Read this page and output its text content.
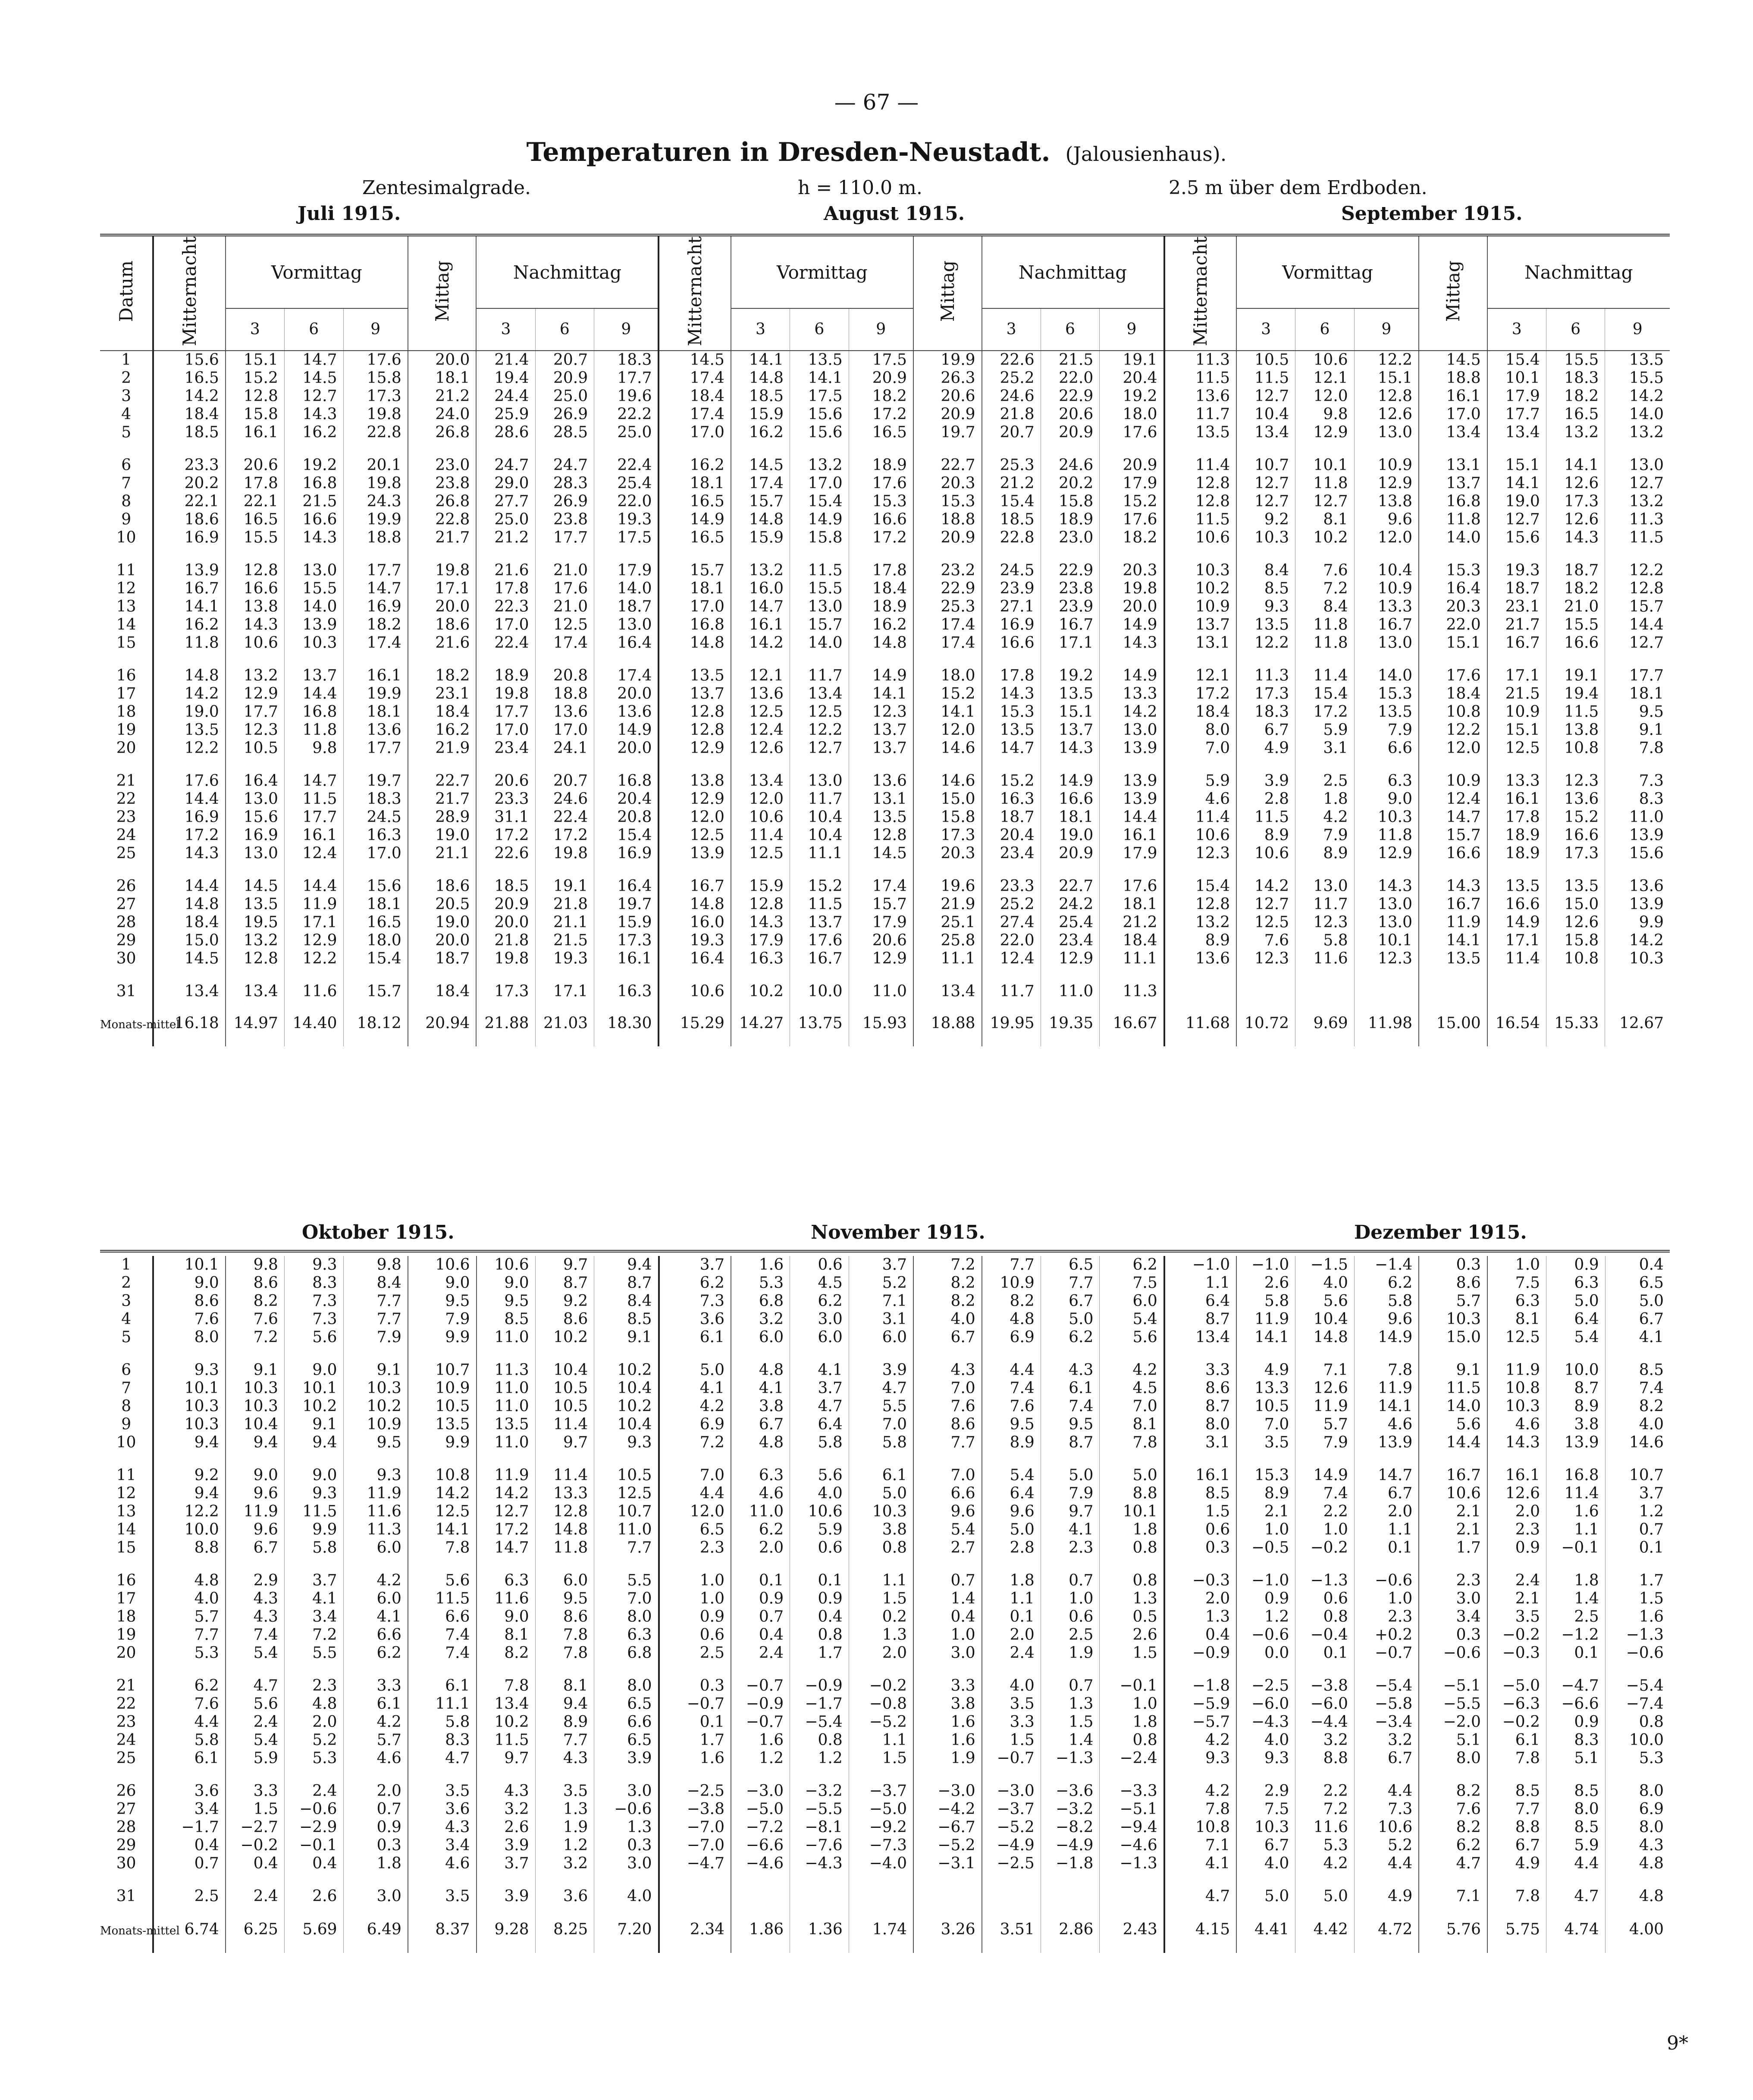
— 67 —
Temperaturen in Dresden-Neustadt. (Jalousienhaus).
Zentesimalgrade.	h = 110.0 m.	2.5 m über dem Erdboden.
Juli 1915.	August 1915.	September 1915.
Datum	Mitternacht	Vormittag			Mittag	Nachmittag			Mitternacht	Vormittag			Mittag	Nachmittag			Mitternacht	Vormittag			Mittag	Nachmittag		
		3	6	9		3	6	9		3	6	9		3	6	9		3	6	9		3	6	9
1	15.6	15.1	14.7	17.6	20.0	21.4	20.7	18.3	14.5	14.1	13.5	17.5	19.9	22.6	21.5	19.1	11.3	10.5	10.6	12.2	14.5	15.4	15.5	13.5
2	16.5	15.2	14.5	15.8	18.1	19.4	20.9	17.7	17.4	14.8	14.1	20.9	26.3	25.2	22.0	20.4	11.5	11.5	12.1	15.1	18.8	10.1	18.3	15.5
3	14.2	12.8	12.7	17.3	21.2	24.4	25.0	19.6	18.4	18.5	17.5	18.2	20.6	24.6	22.9	19.2	13.6	12.7	12.0	12.8	16.1	17.9	18.2	14.2
4	18.4	15.8	14.3	19.8	24.0	25.9	26.9	22.2	17.4	15.9	15.6	17.2	20.9	21.8	20.6	18.0	11.7	10.4	9.8	12.6	17.0	17.7	16.5	14.0
5	18.5	16.1	16.2	22.8	26.8	28.6	28.5	25.0	17.0	16.2	15.6	16.5	19.7	20.7	20.9	17.6	13.5	13.4	12.9	13.0	13.4	13.4	13.2	13.2

6	23.3	20.6	19.2	20.1	23.0	24.7	24.7	22.4	16.2	14.5	13.2	18.9	22.7	25.3	24.6	20.9	11.4	10.7	10.1	10.9	13.1	15.1	14.1	13.0
7	20.2	17.8	16.8	19.8	23.8	29.0	28.3	25.4	18.1	17.4	17.0	17.6	20.3	21.2	20.2	17.9	12.8	12.7	11.8	12.9	13.7	14.1	12.6	12.7
8	22.1	22.1	21.5	24.3	26.8	27.7	26.9	22.0	16.5	15.7	15.4	15.3	15.3	15.4	15.8	15.2	12.8	12.7	12.7	13.8	16.8	19.0	17.3	13.2
9	18.6	16.5	16.6	19.9	22.8	25.0	23.8	19.3	14.9	14.8	14.9	16.6	18.8	18.5	18.9	17.6	11.5	9.2	8.1	9.6	11.8	12.7	12.6	11.3
10	16.9	15.5	14.3	18.8	21.7	21.2	17.7	17.5	16.5	15.9	15.8	17.2	20.9	22.8	23.0	18.2	10.6	10.3	10.2	12.0	14.0	15.6	14.3	11.5

11	13.9	12.8	13.0	17.7	19.8	21.6	21.0	17.9	15.7	13.2	11.5	17.8	23.2	24.5	22.9	20.3	10.3	8.4	7.6	10.4	15.3	19.3	18.7	12.2
12	16.7	16.6	15.5	14.7	17.1	17.8	17.6	14.0	18.1	16.0	15.5	18.4	22.9	23.9	23.8	19.8	10.2	8.5	7.2	10.9	16.4	18.7	18.2	12.8
13	14.1	13.8	14.0	16.9	20.0	22.3	21.0	18.7	17.0	14.7	13.0	18.9	25.3	27.1	23.9	20.0	10.9	9.3	8.4	13.3	20.3	23.1	21.0	15.7
14	16.2	14.3	13.9	18.2	18.6	17.0	12.5	13.0	16.8	16.1	15.7	16.2	17.4	16.9	16.7	14.9	13.7	13.5	11.8	16.7	22.0	21.7	15.5	14.4
15	11.8	10.6	10.3	17.4	21.6	22.4	17.4	16.4	14.8	14.2	14.0	14.8	17.4	16.6	17.1	14.3	13.1	12.2	11.8	13.0	15.1	16.7	16.6	12.7

16	14.8	13.2	13.7	16.1	18.2	18.9	20.8	17.4	13.5	12.1	11.7	14.9	18.0	17.8	19.2	14.9	12.1	11.3	11.4	14.0	17.6	17.1	19.1	17.7
17	14.2	12.9	14.4	19.9	23.1	19.8	18.8	20.0	13.7	13.6	13.4	14.1	15.2	14.3	13.5	13.3	17.2	17.3	15.4	15.3	18.4	21.5	19.4	18.1
18	19.0	17.7	16.8	18.1	18.4	17.7	13.6	13.6	12.8	12.5	12.5	12.3	14.1	15.3	15.1	14.2	18.4	18.3	17.2	13.5	10.8	10.9	11.5	9.5
19	13.5	12.3	11.8	13.6	16.2	17.0	17.0	14.9	12.8	12.4	12.2	13.7	12.0	13.5	13.7	13.0	8.0	6.7	5.9	7.9	12.2	15.1	13.8	9.1
20	12.2	10.5	9.8	17.7	21.9	23.4	24.1	20.0	12.9	12.6	12.7	13.7	14.6	14.7	14.3	13.9	7.0	4.9	3.1	6.6	12.0	12.5	10.8	7.8

21	17.6	16.4	14.7	19.7	22.7	20.6	20.7	16.8	13.8	13.4	13.0	13.6	14.6	15.2	14.9	13.9	5.9	3.9	2.5	6.3	10.9	13.3	12.3	7.3
22	14.4	13.0	11.5	18.3	21.7	23.3	24.6	20.4	12.9	12.0	11.7	13.1	15.0	16.3	16.6	13.9	4.6	2.8	1.8	9.0	12.4	16.1	13.6	8.3
23	16.9	15.6	17.7	24.5	28.9	31.1	22.4	20.8	12.0	10.6	10.4	13.5	15.8	18.7	18.1	14.4	11.4	11.5	4.2	10.3	14.7	17.8	15.2	11.0
24	17.2	16.9	16.1	16.3	19.0	17.2	17.2	15.4	12.5	11.4	10.4	12.8	17.3	20.4	19.0	16.1	10.6	8.9	7.9	11.8	15.7	18.9	16.6	13.9
25	14.3	13.0	12.4	17.0	21.1	22.6	19.8	16.9	13.9	12.5	11.1	14.5	20.3	23.4	20.9	17.9	12.3	10.6	8.9	12.9	16.6	18.9	17.3	15.6

26	14.4	14.5	14.4	15.6	18.6	18.5	19.1	16.4	16.7	15.9	15.2	17.4	19.6	23.3	22.7	17.6	15.4	14.2	13.0	14.3	14.3	13.5	13.5	13.6
27	14.8	13.5	11.9	18.1	20.5	20.9	21.8	19.7	14.8	12.8	11.5	15.7	21.9	25.2	24.2	18.1	12.8	12.7	11.7	13.0	16.7	16.6	15.0	13.9
28	18.4	19.5	17.1	16.5	19.0	20.0	21.1	15.9	16.0	14.3	13.7	17.9	25.1	27.4	25.4	21.2	13.2	12.5	12.3	13.0	11.9	14.9	12.6	9.9
29	15.0	13.2	12.9	18.0	20.0	21.8	21.5	17.3	19.3	17.9	17.6	20.6	25.8	22.0	23.4	18.4	8.9	7.6	5.8	10.1	14.1	17.1	15.8	14.2
30	14.5	12.8	12.2	15.4	18.7	19.8	19.3	16.1	16.4	16.3	16.7	12.9	11.1	12.4	12.9	11.1	13.6	12.3	11.6	12.3	13.5	11.4	10.8	10.3

31	13.4	13.4	11.6	15.7	18.4	17.3	17.1	16.3	10.6	10.2	10.0	11.0	13.4	11.7	11.0	11.3								
Monats-mittel	16.18	14.97	14.40	18.12	20.94	21.88	21.03	18.30	15.29	14.27	13.75	15.93	18.88	19.95	19.35	16.67	11.68	10.72	9.69	11.98	15.00	16.54	15.33	12.67
Oktober 1915.	November 1915.	Dezember 1915.
1	10.1	9.8	9.3	9.8	10.6	10.6	9.7	9.4	3.7	1.6	0.6	3.7	7.2	7.7	6.5	6.2	−1.0	−1.0	−1.5	−1.4	0.3	1.0	0.9	0.4
2	9.0	8.6	8.3	8.4	9.0	9.0	8.7	8.7	6.2	5.3	4.5	5.2	8.2	10.9	7.7	7.5	1.1	2.6	4.0	6.2	8.6	7.5	6.3	6.5
3	8.6	8.2	7.3	7.7	9.5	9.5	9.2	8.4	7.3	6.8	6.2	7.1	8.2	8.2	6.7	6.0	6.4	5.8	5.6	5.8	5.7	6.3	5.0	5.0
4	7.6	7.6	7.3	7.7	7.9	8.5	8.6	8.5	3.6	3.2	3.0	3.1	4.0	4.8	5.0	5.4	8.7	11.9	10.4	9.6	10.3	8.1	6.4	6.7
5	8.0	7.2	5.6	7.9	9.9	11.0	10.2	9.1	6.1	6.0	6.0	6.0	6.7	6.9	6.2	5.6	13.4	14.1	14.8	14.9	15.0	12.5	5.4	4.1

6	9.3	9.1	9.0	9.1	10.7	11.3	10.4	10.2	5.0	4.8	4.1	3.9	4.3	4.4	4.3	4.2	3.3	4.9	7.1	7.8	9.1	11.9	10.0	8.5
7	10.1	10.3	10.1	10.3	10.9	11.0	10.5	10.4	4.1	4.1	3.7	4.7	7.0	7.4	6.1	4.5	8.6	13.3	12.6	11.9	11.5	10.8	8.7	7.4
8	10.3	10.3	10.2	10.2	10.5	11.0	10.5	10.2	4.2	3.8	4.7	5.5	7.6	7.6	7.4	7.0	8.7	10.5	11.9	14.1	14.0	10.3	8.9	8.2
9	10.3	10.4	9.1	10.9	13.5	13.5	11.4	10.4	6.9	6.7	6.4	7.0	8.6	9.5	9.5	8.1	8.0	7.0	5.7	4.6	5.6	4.6	3.8	4.0
10	9.4	9.4	9.4	9.5	9.9	11.0	9.7	9.3	7.2	4.8	5.8	5.8	7.7	8.9	8.7	7.8	3.1	3.5	7.9	13.9	14.4	14.3	13.9	14.6

11	9.2	9.0	9.0	9.3	10.8	11.9	11.4	10.5	7.0	6.3	5.6	6.1	7.0	5.4	5.0	5.0	16.1	15.3	14.9	14.7	16.7	16.1	16.8	10.7
12	9.4	9.6	9.3	11.9	14.2	14.2	13.3	12.5	4.4	4.6	4.0	5.0	6.6	6.4	7.9	8.8	8.5	8.9	7.4	6.7	10.6	12.6	11.4	3.7
13	12.2	11.9	11.5	11.6	12.5	12.7	12.8	10.7	12.0	11.0	10.6	10.3	9.6	9.6	9.7	10.1	1.5	2.1	2.2	2.0	2.1	2.0	1.6	1.2
14	10.0	9.6	9.9	11.3	14.1	17.2	14.8	11.0	6.5	6.2	5.9	3.8	5.4	5.0	4.1	1.8	0.6	1.0	1.0	1.1	2.1	2.3	1.1	0.7
15	8.8	6.7	5.8	6.0	7.8	14.7	11.8	7.7	2.3	2.0	0.6	0.8	2.7	2.8	2.3	0.8	0.3	−0.5	−0.2	0.1	1.7	0.9	−0.1	0.1

16	4.8	2.9	3.7	4.2	5.6	6.3	6.0	5.5	1.0	0.1	0.1	1.1	0.7	1.8	0.7	0.8	−0.3	−1.0	−1.3	−0.6	2.3	2.4	1.8	1.7
17	4.0	4.3	4.1	6.0	11.5	11.6	9.5	7.0	1.0	0.9	0.9	1.5	1.4	1.1	1.0	1.3	2.0	0.9	0.6	1.0	3.0	2.1	1.4	1.5
18	5.7	4.3	3.4	4.1	6.6	9.0	8.6	8.0	0.9	0.7	0.4	0.2	0.4	0.1	0.6	0.5	1.3	1.2	0.8	2.3	3.4	3.5	2.5	1.6
19	7.7	7.4	7.2	6.6	7.4	8.1	7.8	6.3	0.6	0.4	0.8	1.3	1.0	2.0	2.5	2.6	0.4	−0.6	−0.4	+0.2	0.3	−0.2	−1.2	−1.3
20	5.3	5.4	5.5	6.2	7.4	8.2	7.8	6.8	2.5	2.4	1.7	2.0	3.0	2.4	1.9	1.5	−0.9	0.0	0.1	−0.7	−0.6	−0.3	0.1	−0.6

21	6.2	4.7	2.3	3.3	6.1	7.8	8.1	8.0	0.3	−0.7	−0.9	−0.2	3.3	4.0	0.7	−0.1	−1.8	−2.5	−3.8	−5.4	−5.1	−5.0	−4.7	−5.4
22	7.6	5.6	4.8	6.1	11.1	13.4	9.4	6.5	−0.7	−0.9	−1.7	−0.8	3.8	3.5	1.3	1.0	−5.9	−6.0	−6.0	−5.8	−5.5	−6.3	−6.6	−7.4
23	4.4	2.4	2.0	4.2	5.8	10.2	8.9	6.6	0.1	−0.7	−5.4	−5.2	1.6	3.3	1.5	1.8	−5.7	−4.3	−4.4	−3.4	−2.0	−0.2	0.9	0.8
24	5.8	5.4	5.2	5.7	8.3	11.5	7.7	6.5	1.7	1.6	0.8	1.1	1.6	1.5	1.4	0.8	4.2	4.0	3.2	3.2	5.1	6.1	8.3	10.0
25	6.1	5.9	5.3	4.6	4.7	9.7	4.3	3.9	1.6	1.2	1.2	1.5	1.9	−0.7	−1.3	−2.4	9.3	9.3	8.8	6.7	8.0	7.8	5.1	5.3

26	3.6	3.3	2.4	2.0	3.5	4.3	3.5	3.0	−2.5	−3.0	−3.2	−3.7	−3.0	−3.0	−3.6	−3.3	4.2	2.9	2.2	4.4	8.2	8.5	8.5	8.0
27	3.4	1.5	−0.6	0.7	3.6	3.2	1.3	−0.6	−3.8	−5.0	−5.5	−5.0	−4.2	−3.7	−3.2	−5.1	7.8	7.5	7.2	7.3	7.6	7.7	8.0	6.9
28	−1.7	−2.7	−2.9	0.9	4.3	2.6	1.9	1.3	−7.0	−7.2	−8.1	−9.2	−6.7	−5.2	−8.2	−9.4	10.8	10.3	11.6	10.6	8.2	8.8	8.5	8.0
29	0.4	−0.2	−0.1	0.3	3.4	3.9	1.2	0.3	−7.0	−6.6	−7.6	−7.3	−5.2	−4.9	−4.9	−4.6	7.1	6.7	5.3	5.2	6.2	6.7	5.9	4.3
30	0.7	0.4	0.4	1.8	4.6	3.7	3.2	3.0	−4.7	−4.6	−4.3	−4.0	−3.1	−2.5	−1.8	−1.3	4.1	4.0	4.2	4.4	4.7	4.9	4.4	4.8

31	2.5	2.4	2.6	3.0	3.5	3.9	3.6	4.0									4.7	5.0	5.0	4.9	7.1	7.8	4.7	4.8
Monats-mittel	6.74	6.25	5.69	6.49	8.37	9.28	8.25	7.20	2.34	1.86	1.36	1.74	3.26	3.51	2.86	2.43	4.15	4.41	4.42	4.72	5.76	5.75	4.74	4.00
9*
